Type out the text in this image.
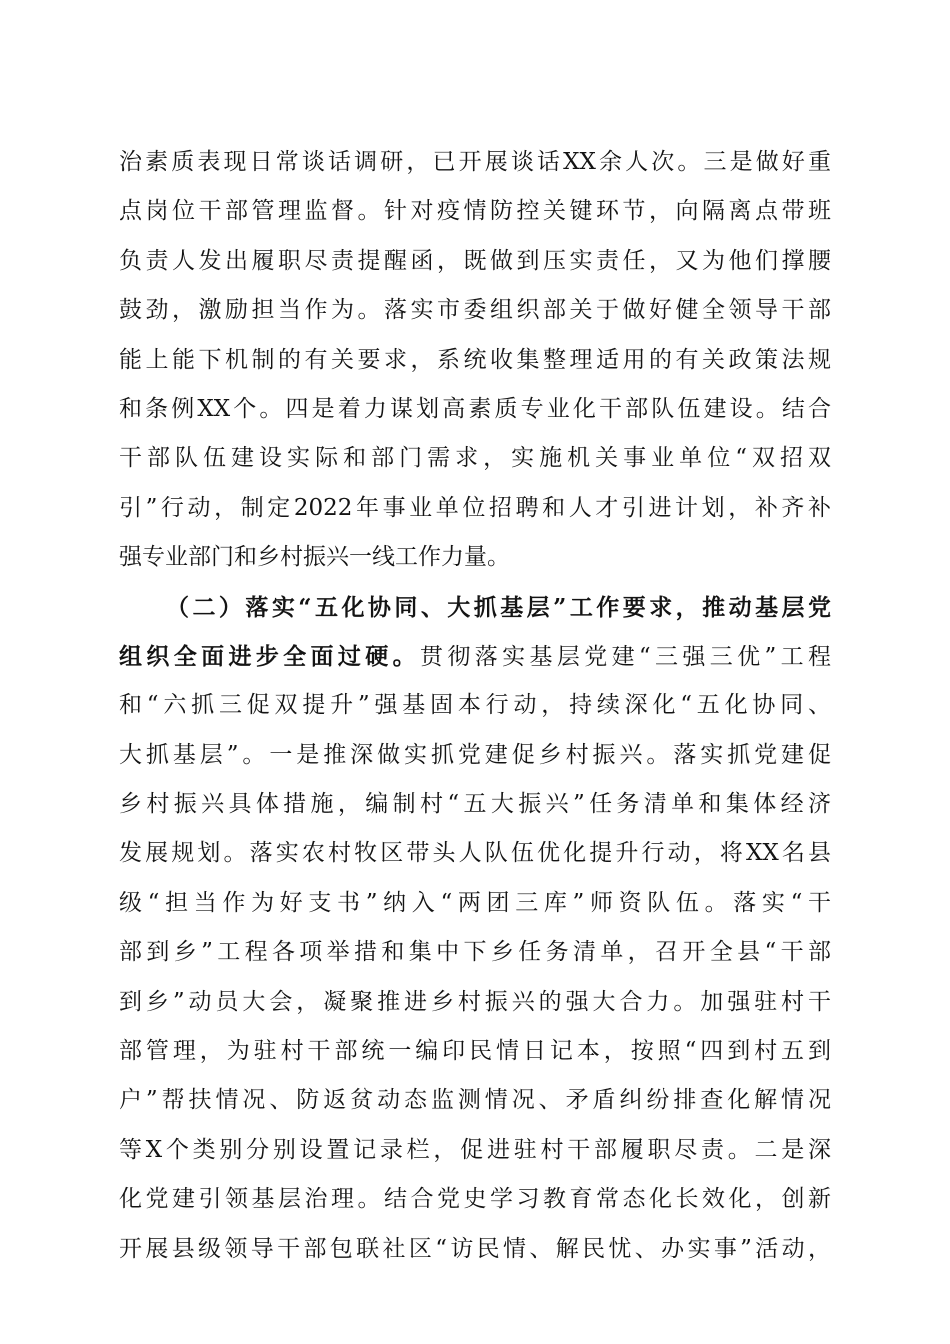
治素质表现日常谈话调研，已开展谈话XX余人次。三是做好重
点岗位干部管理监督。针对疫情防控关键环节，向隔离点带班
负责人发出履职尽责提醒函，既做到压实责任，又为他们撑腰
鼓劲，激励担当作为。落实市委组织部关于做好健全领导干部
能上能下机制的有关要求，系统收集整理适用的有关政策法规
和条例XX个。四是着力谋划高素质专业化干部队伍建设。结合
干部队伍建设实际和部门需求，实施机关事业单位“双招双
引”行动，制定2022年事业单位招聘和人才引进计划，补齐补
强专业部门和乡村振兴一线工作力量。
（二）落实“五化协同、大抓基层”工作要求，推动基层党
组织全面进步全面过硬。贯彻落实基层党建“三强三优”工程
和“六抓三促双提升”强基固本行动，持续深化“五化协同、
大抓基层”。一是推深做实抓党建促乡村振兴。落实抓党建促
乡村振兴具体措施，编制村“五大振兴”任务清单和集体经济
发展规划。落实农村牧区带头人队伍优化提升行动，将XX名县
级“担当作为好支书”纳入“两团三库”师资队伍。落实“干
部到乡”工程各项举措和集中下乡任务清单，召开全县“干部
到乡”动员大会，凝聚推进乡村振兴的强大合力。加强驻村干
部管理，为驻村干部统一编印民情日记本，按照“四到村五到
户”帮扶情况、防返贫动态监测情况、矛盾纠纷排查化解情况
等X个类别分别设置记录栏，促进驻村干部履职尽责。二是深
化党建引领基层治理。结合党史学习教育常态化长效化，创新
开展县级领导干部包联社区“访民情、解民忧、办实事”活动，
